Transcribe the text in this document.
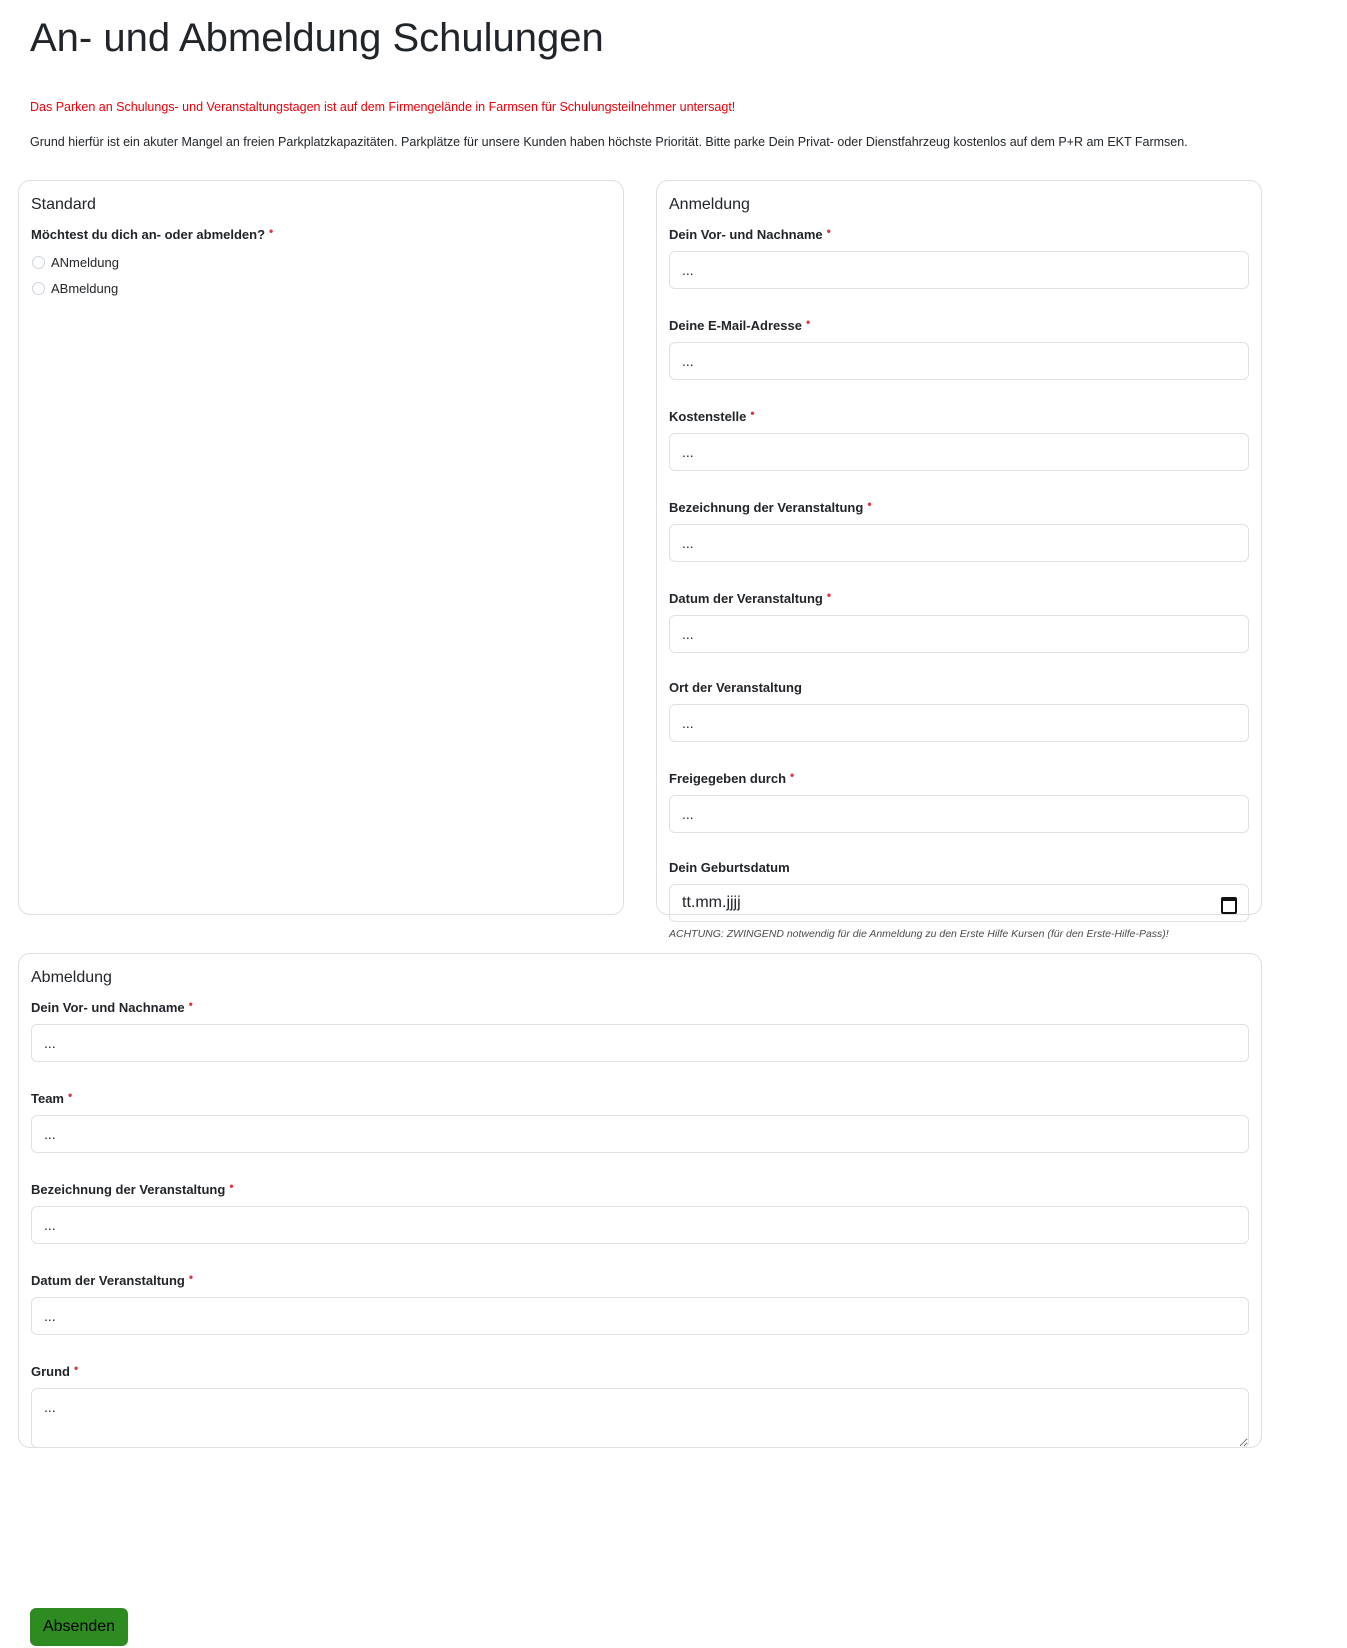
An- und Abmeldung Schulungen

Das Parken an Schulungs- und Veranstaltungstagen ist auf dem Firmengelände in Farmsen für Schulungsteilnehmer untersagt!

Grund hierfür ist ein akuter Mangel an freien Parkplatzkapazitäten. Parkplätze für unsere Kunden haben höchste Priorität. Bitte parke Dein Privat- oder Dienstfahrzeug kostenlos auf dem P+R am EKT Farmsen.

Standard
Möchtest du dich an- oder abmelden? •
ANmeldung
ABmeldung
Anmeldung
Dein Vor- und Nachname •
...
Deine E-Mail-Adresse •
...
Kostenstelle •
...
Bezeichnung der Veranstaltung •
...
Datum der Veranstaltung •
...
Ort der Veranstaltung
...
Freigegeben durch •
...
Dein Geburtsdatum
tt.mm.jjjj

ACHTUNG: ZWINGEND notwendig für die Anmeldung zu den Erste Hilfe Kursen (für den Erste-Hilfe-Pass)!

Abmeldung
Dein Vor- und Nachname •
...
Team •
...
Bezeichnung der Veranstaltung •
...
Datum der Veranstaltung •
...
Grund •
...
Absenden
